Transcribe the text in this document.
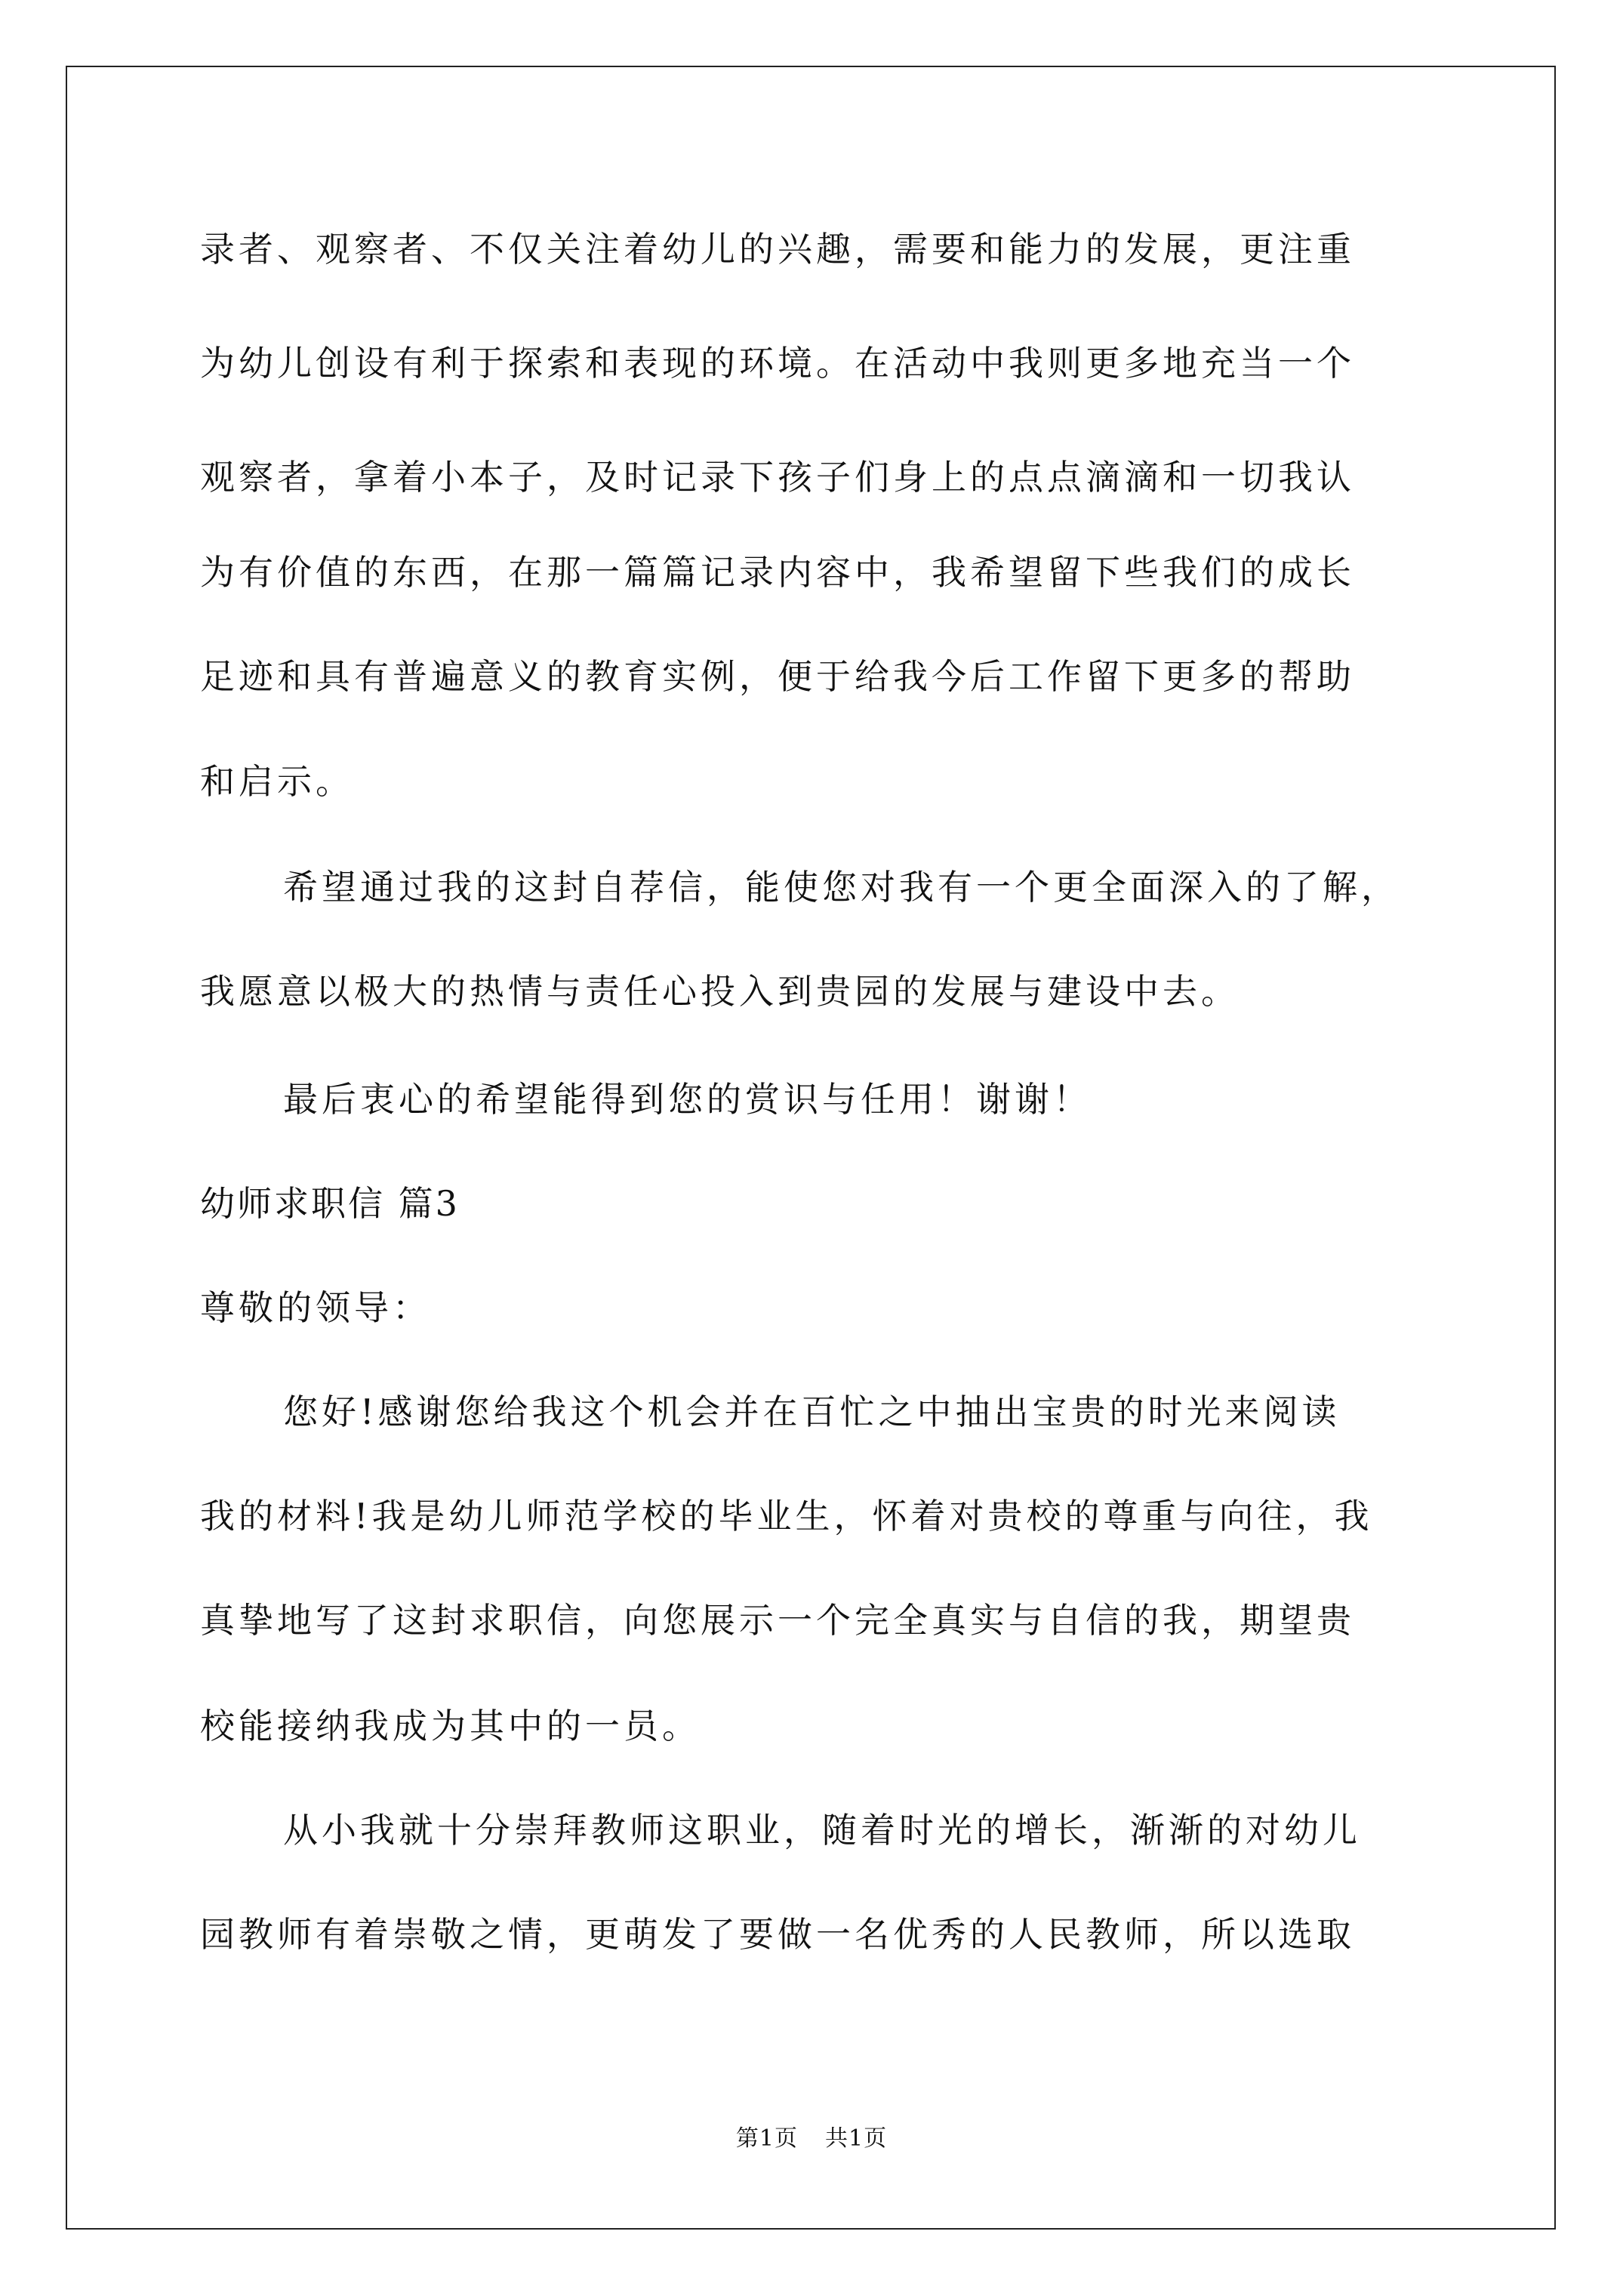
录者、观察者、不仅关注着幼儿的兴趣，需要和能力的发展，更注重
为幼儿创设有利于探索和表现的环境。在活动中我则更多地充当一个
观察者，拿着小本子，及时记录下孩子们身上的点点滴滴和一切我认
为有价值的东西，在那一篇篇记录内容中，我希望留下些我们的成长
足迹和具有普遍意义的教育实例，便于给我今后工作留下更多的帮助
和启示。
希望通过我的这封自荐信，能使您对我有一个更全面深入的了解，
我愿意以极大的热情与责任心投入到贵园的发展与建设中去。
最后衷心的希望能得到您的赏识与任用！谢谢！
幼师求职信 篇3
尊敬的领导：
您好!感谢您给我这个机会并在百忙之中抽出宝贵的时光来阅读
我的材料!我是幼儿师范学校的毕业生，怀着对贵校的尊重与向往，我
真挚地写了这封求职信，向您展示一个完全真实与自信的我，期望贵
校能接纳我成为其中的一员。
从小我就十分崇拜教师这职业，随着时光的增长，渐渐的对幼儿
园教师有着崇敬之情，更萌发了要做一名优秀的人民教师，所以选取
第1页 共1页
